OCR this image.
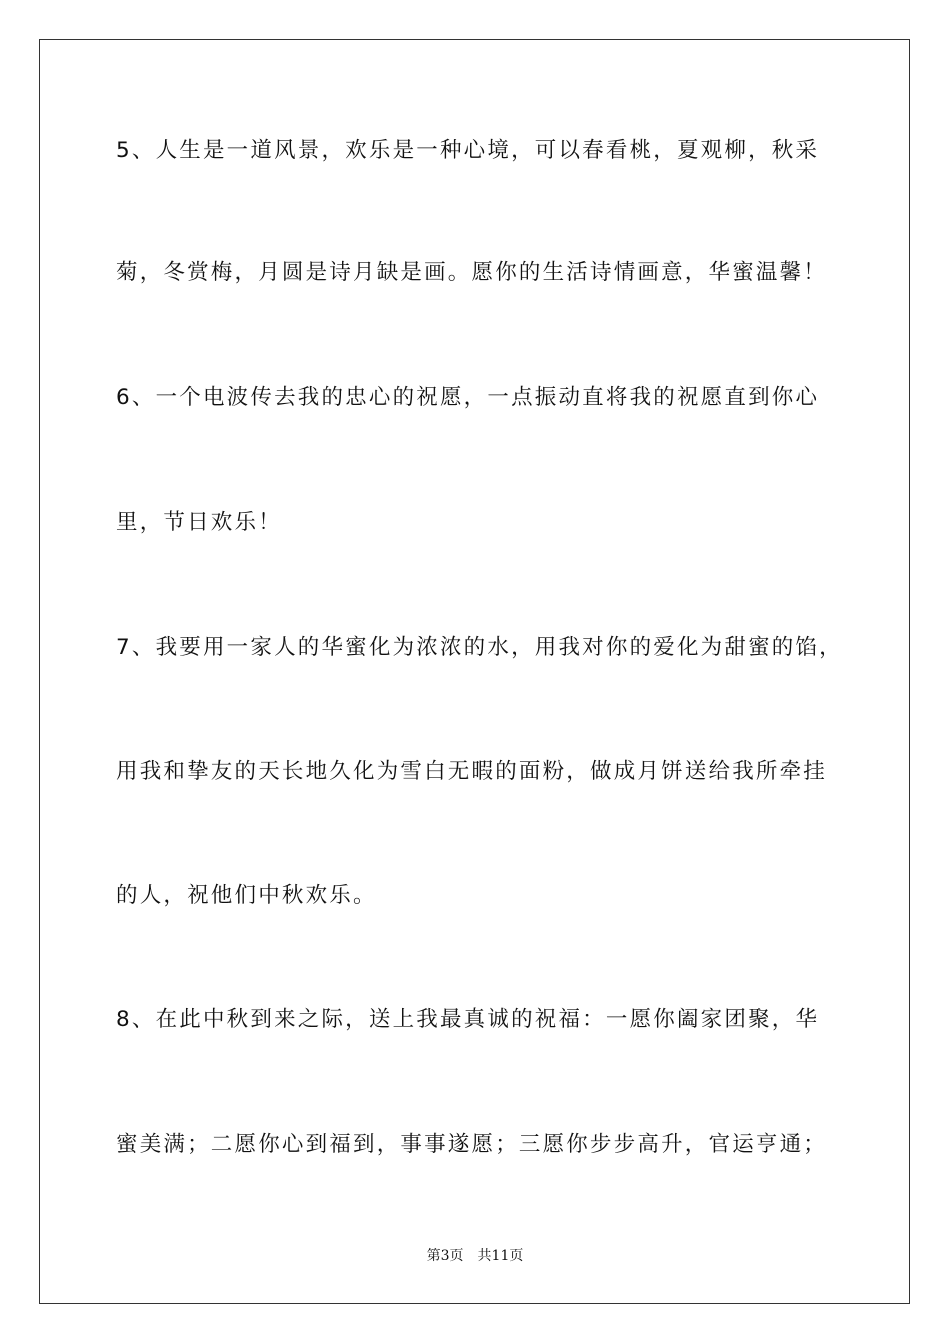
5、人生是一道风景，欢乐是一种心境，可以春看桃，夏观柳，秋采
菊，冬赏梅，月圆是诗月缺是画。愿你的生活诗情画意，华蜜温馨！
6、一个电波传去我的忠心的祝愿，一点振动直将我的祝愿直到你心
里，节日欢乐！
7、我要用一家人的华蜜化为浓浓的水，用我对你的爱化为甜蜜的馅，
用我和挚友的天长地久化为雪白无暇的面粉，做成月饼送给我所牵挂
的人，祝他们中秋欢乐。
8、在此中秋到来之际，送上我最真诚的祝福：一愿你阖家团聚，华
蜜美满；二愿你心到福到，事事遂愿；三愿你步步高升，官运亨通；
第3页 共11页
